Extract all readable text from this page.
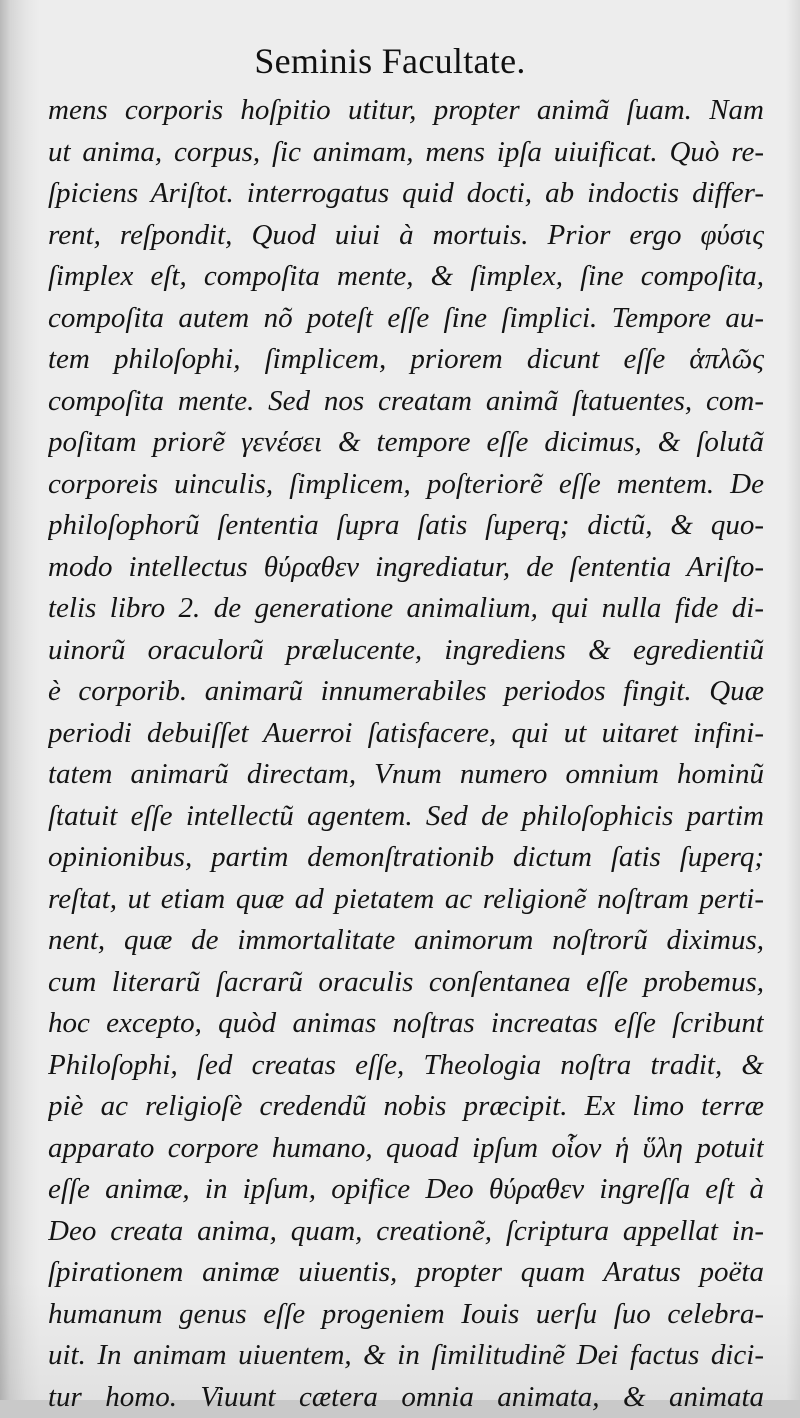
Seminis Facultate.
mens corporis hoſpitio utitur, propter animã ſuam. Nam
ut anima, corpus, ſic animam, mens ipſa uiuificat. Quò re-
ſpiciens Ariſtot. interrogatus quid docti, ab indoctis differ-
rent, reſpondit, Quod uiui à mortuis. Prior ergo φύσις
ſimplex eſt, compoſita mente, & ſimplex, ſine compoſita,
compoſita autem nõ poteſt eſſe ſine ſimplici. Tempore au-
tem philoſophi, ſimplicem, priorem dicunt eſſe ἁπλῶς
compoſita mente. Sed nos creatam animã ſtatuentes, com-
poſitam priorẽ γενέσει & tempore eſſe dicimus, & ſolutã
corporeis uinculis, ſimplicem, poſteriorẽ eſſe mentem. De
philoſophorũ ſententia ſupra ſatis ſuperq; dictũ, & quo-
modo intellectus θύραθεν ingrediatur, de ſententia Ariſto-
telis libro 2. de generatione animalium, qui nulla fide di-
uinorũ oraculorũ prælucente, ingrediens & egredientiũ
è corporib. animarũ innumerabiles periodos fingit. Quæ
periodi debuiſſet Auerroi ſatisfacere, qui ut uitaret infini-
tatem animarũ directam, Vnum numero omnium hominũ
ſtatuit eſſe intellectũ agentem. Sed de philoſophicis partim
opinionibus, partim demonſtrationib dictum ſatis ſuperq;
reſtat, ut etiam quæ ad pietatem ac religionẽ noſtram perti-
nent, quæ de immortalitate animorum noſtrorũ diximus,
cum literarũ ſacrarũ oraculis conſentanea eſſe probemus,
hoc excepto, quòd animas noſtras increatas eſſe ſcribunt
Philoſophi, ſed creatas eſſe, Theologia noſtra tradit, &
piè ac religioſè credendũ nobis præcipit. Ex limo terræ
apparato corpore humano, quoad ipſum οἷον ἡ ὕλη potuit
eſſe animæ, in ipſum, opifice Deo θύραθεν ingreſſa eſt à
Deo creata anima, quam, creationẽ, ſcriptura appellat in-
ſpirationem animæ uiuentis, propter quam Aratus poëta
humanum genus eſſe progeniem Iouis uerſu ſuo celebra-
uit. In animam uiuentem, & in ſimilitudinẽ Dei factus dici-
tur homo. Viuunt cætera omnia animata, & animata
